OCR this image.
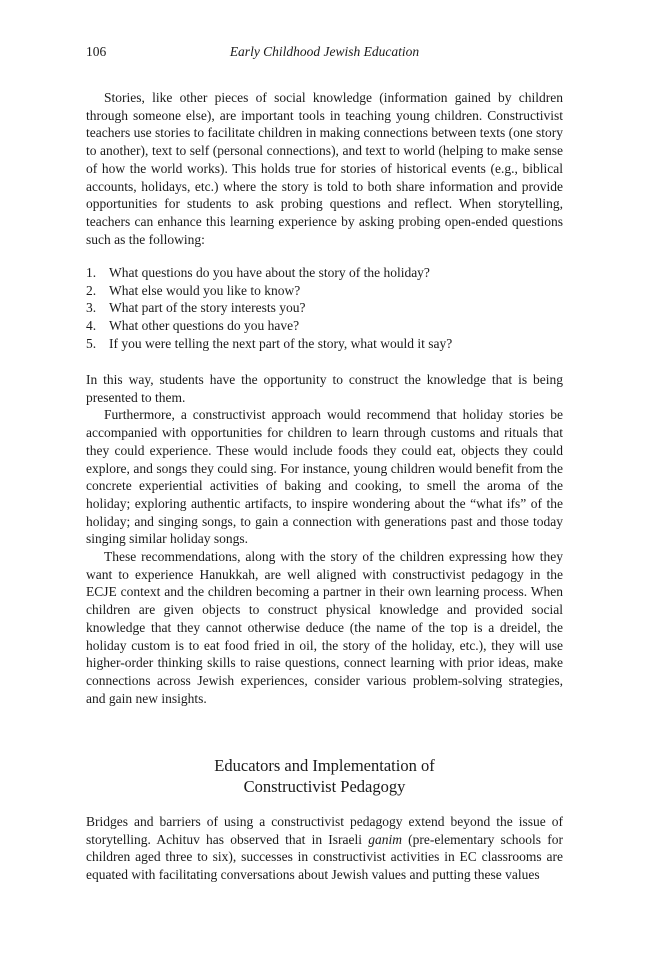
106	Early Childhood Jewish Education

Stories, like other pieces of social knowledge (information gained by children through someone else), are important tools in teaching young children. Constructivist teachers use stories to facilitate children in making connections between texts (one story to another), text to self (personal connections), and text to world (helping to make sense of how the world works). This holds true for stories of historical events (e.g., biblical accounts, holidays, etc.) where the story is told to both share information and provide opportunities for students to ask probing questions and reflect. When storytelling, teachers can enhance this learning experience by asking probing open-ended questions such as the following:

1. What questions do you have about the story of the holiday?
2. What else would you like to know?
3. What part of the story interests you?
4. What other questions do you have?
5. If you were telling the next part of the story, what would it say?

In this way, students have the opportunity to construct the knowledge that is being presented to them.

Furthermore, a constructivist approach would recommend that holiday stories be accompanied with opportunities for children to learn through customs and rituals that they could experience. These would include foods they could eat, objects they could explore, and songs they could sing. For instance, young children would benefit from the concrete experiential activities of baking and cooking, to smell the aroma of the holiday; exploring authentic artifacts, to inspire wondering about the “what ifs” of the holiday; and singing songs, to gain a connection with generations past and those today singing similar holiday songs.

These recommendations, along with the story of the children expressing how they want to experience Hanukkah, are well aligned with constructivist pedagogy in the ECJE context and the children becoming a partner in their own learning process. When children are given objects to construct physical knowledge and provided social knowledge that they cannot otherwise deduce (the name of the top is a dreidel, the holiday custom is to eat food fried in oil, the story of the holiday, etc.), they will use higher-order thinking skills to raise questions, connect learning with prior ideas, make connections across Jewish experiences, consider various problem-solving strategies, and gain new insights.

Educators and Implementation of
Constructivist Pedagogy

Bridges and barriers of using a constructivist pedagogy extend beyond the issue of storytelling. Achituv has observed that in Israeli ganim (pre-elementary schools for children aged three to six), successes in constructivist activities in EC classrooms are equated with facilitating conversations about Jewish values and putting these values
